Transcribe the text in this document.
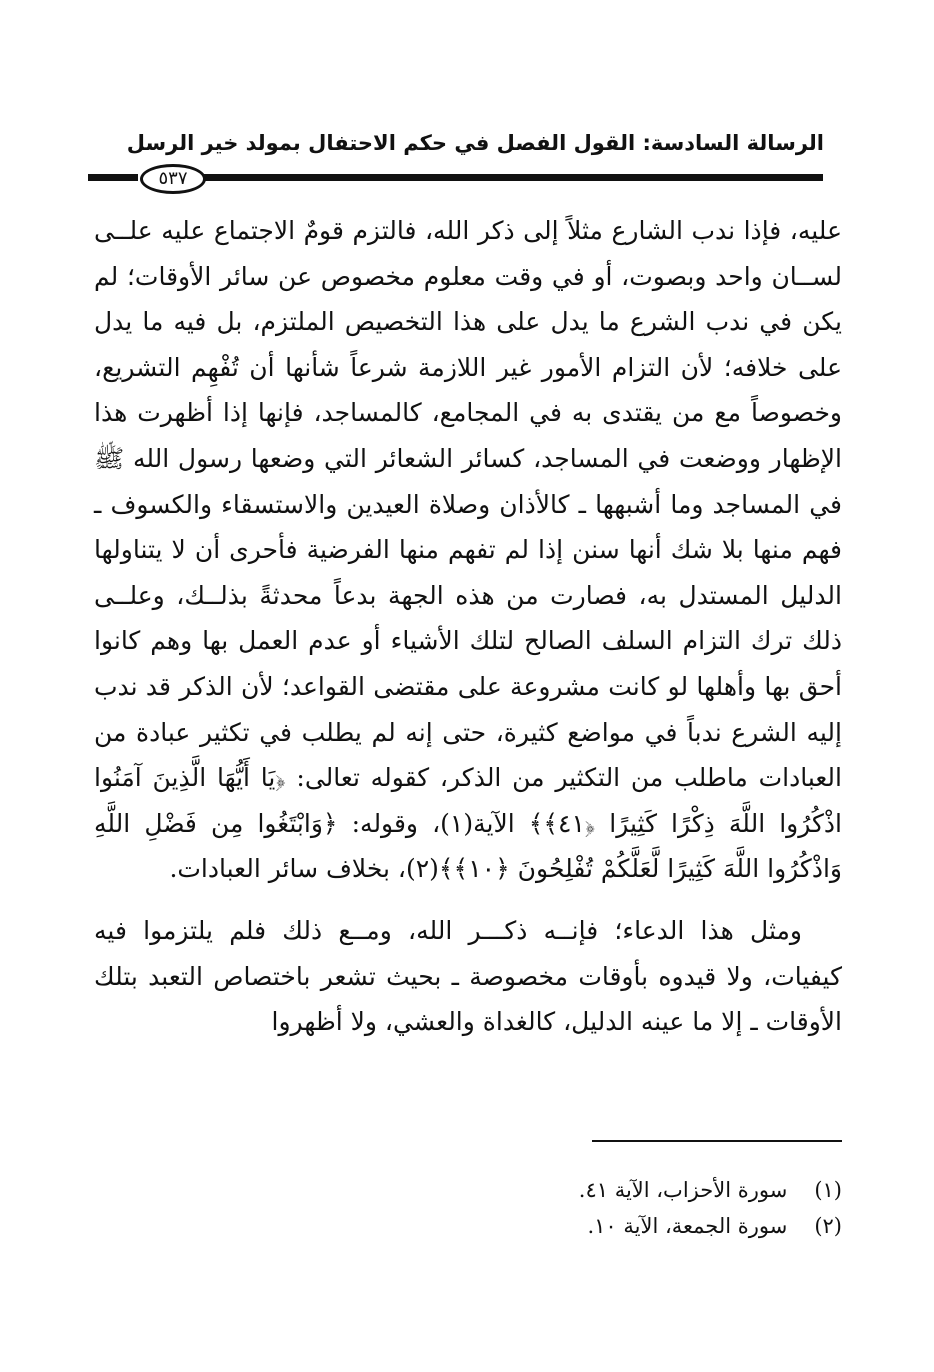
الرسالة السادسة: القول الفصل في حكم الاحتفال بمولد خير الرسل
٥٣٧

عليه، فإذا ندب الشارع مثلاً إلى ذكر الله، فالتزم قومٌ الاجتماع عليه علــى لســان واحد وبصوت، أو في وقت معلوم مخصوص عن سائر الأوقات؛ لم يكن في ندب الشرع ما يدل على هذا التخصيص الملتزم، بل فيه ما يدل على خلافه؛ لأن التزام الأمور غير اللازمة شرعاً شأنها أن تُفْهِم التشريع، وخصوصاً مع من يقتدى به في المجامع، كالمساجد، فإنها إذا أظهرت هذا الإظهار ووضعت في المساجد، كسائر الشعائر التي وضعها رسول الله ﷺ في المساجد وما أشبهها ـ كالأذان وصلاة العيدين والاستسقاء والكسوف ـ فهم منها بلا شك أنها سنن إذا لم تفهم منها الفرضية فأحرى أن لا يتناولها الدليل المستدل به، فصارت من هذه الجهة بدعاً محدثةً بذلــك، وعلــى ذلك ترك التزام السلف الصالح لتلك الأشياء أو عدم العمل بها وهم كانوا أحق بها وأهلها لو كانت مشروعة على مقتضى القواعد؛ لأن الذكر قد ندب إليه الشرع ندباً في مواضع كثيرة، حتى إنه لم يطلب في تكثير عبادة من العبادات ماطلب من التكثير من الذكر، كقوله تعالى: ﴿يَا أَيُّهَا الَّذِينَ آمَنُوا اذْكُرُوا اللَّهَ ذِكْرًا كَثِيرًا ﴿٤١﴾﴾ الآية(١)، وقوله: ﴿وَابْتَغُوا مِن فَضْلِ اللَّهِ وَاذْكُرُوا اللَّهَ كَثِيرًا لَّعَلَّكُمْ تُفْلِحُونَ ﴿١٠﴾﴾(٢)، بخلاف سائر العبادات.

ومثل هذا الدعاء؛ فإنــه ذكـــر الله، ومــع ذلك فلم يلتزموا فيه كيفيات، ولا قيدوه بأوقات مخصوصة ـ بحيث تشعر باختصاص التعبد بتلك الأوقات ـ إلا ما عينه الدليل، كالغداة والعشي، ولا أظهروا

(١) سورة الأحزاب، الآية ٤١.
(٢) سورة الجمعة، الآية ١٠.
